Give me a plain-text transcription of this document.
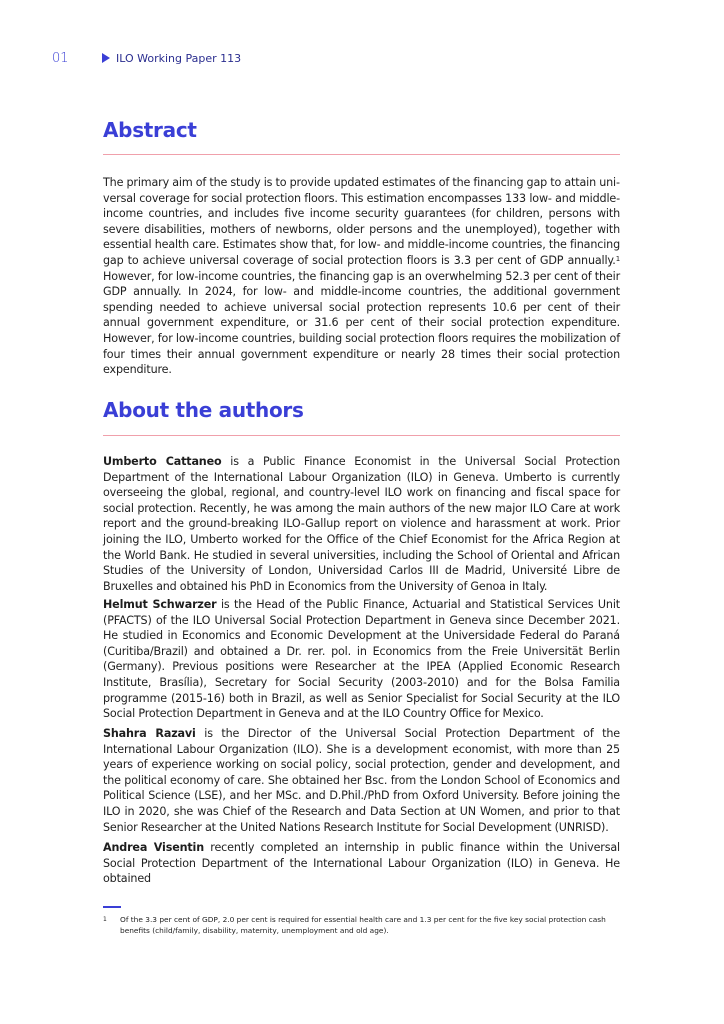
01	ILO Working Paper 113
Abstract

The primary aim of the study is to provide updated estimates of the financing gap to attain universal coverage for social protection floors. This estimation encompasses 133 low- and middle-income countries, and includes five income security guarantees (for children, persons with severe disabilities, mothers of newborns, older persons and the unemployed), together with essential health care. Estimates show that, for low- and middle-income countries, the financing gap to achieve universal coverage of social protection floors is 3.3 per cent of GDP annually.$^1$ However, for low-income countries, the financing gap is an overwhelming 52.3 per cent of their GDP annually. In 2024, for low- and middle-income countries, the additional government spending needed to achieve universal social protection represents 10.6 per cent of their annual government expenditure, or 31.6 per cent of their social protection expenditure. However, for low-income countries, building social protection floors requires the mobilization of four times their annual government expenditure or nearly 28 times their social protection expenditure.

About the authors

Umberto Cattaneo is a Public Finance Economist in the Universal Social Protection Department of the International Labour Organization (ILO) in Geneva. Umberto is currently overseeing the global, regional, and country-level ILO work on financing and fiscal space for social protection. Recently, he was among the main authors of the new major ILO Care at work report and the ground-breaking ILO-Gallup report on violence and harassment at work. Prior joining the ILO, Umberto worked for the Office of the Chief Economist for the Africa Region at the World Bank. He studied in several universities, including the School of Oriental and African Studies of the University of London, Universidad Carlos III de Madrid, Université Libre de Bruxelles and obtained his PhD in Economics from the University of Genoa in Italy.

Helmut Schwarzer is the Head of the Public Finance, Actuarial and Statistical Services Unit (PFACTS) of the ILO Universal Social Protection Department in Geneva since December 2021. He studied in Economics and Economic Development at the Universidade Federal do Paraná (Curitiba/Brazil) and obtained a Dr. rer. pol. in Economics from the Freie Universität Berlin (Germany). Previous positions were Researcher at the IPEA (Applied Economic Research Institute, Brasília), Secretary for Social Security (2003-2010) and for the Bolsa Familia programme (2015-16) both in Brazil, as well as Senior Specialist for Social Security at the ILO Social Protection Department in Geneva and at the ILO Country Office for Mexico.

Shahra Razavi is the Director of the Universal Social Protection Department of the International Labour Organization (ILO). She is a development economist, with more than 25 years of experience working on social policy, social protection, gender and development, and the political economy of care. She obtained her Bsc. from the London School of Economics and Political Science (LSE), and her MSc. and D.Phil./PhD from Oxford University. Before joining the ILO in 2020, she was Chief of the Research and Data Section at UN Women, and prior to that Senior Researcher at the United Nations Research Institute for Social Development (UNRISD).

Andrea Visentin recently completed an internship in public finance within the Universal Social Protection Department of the International Labour Organization (ILO) in Geneva. He obtained

1	Of the 3.3 per cent of GDP, 2.0 per cent is required for essential health care and 1.3 per cent for the five key social protection cash benefits (child/family, disability, maternity, unemployment and old age).
